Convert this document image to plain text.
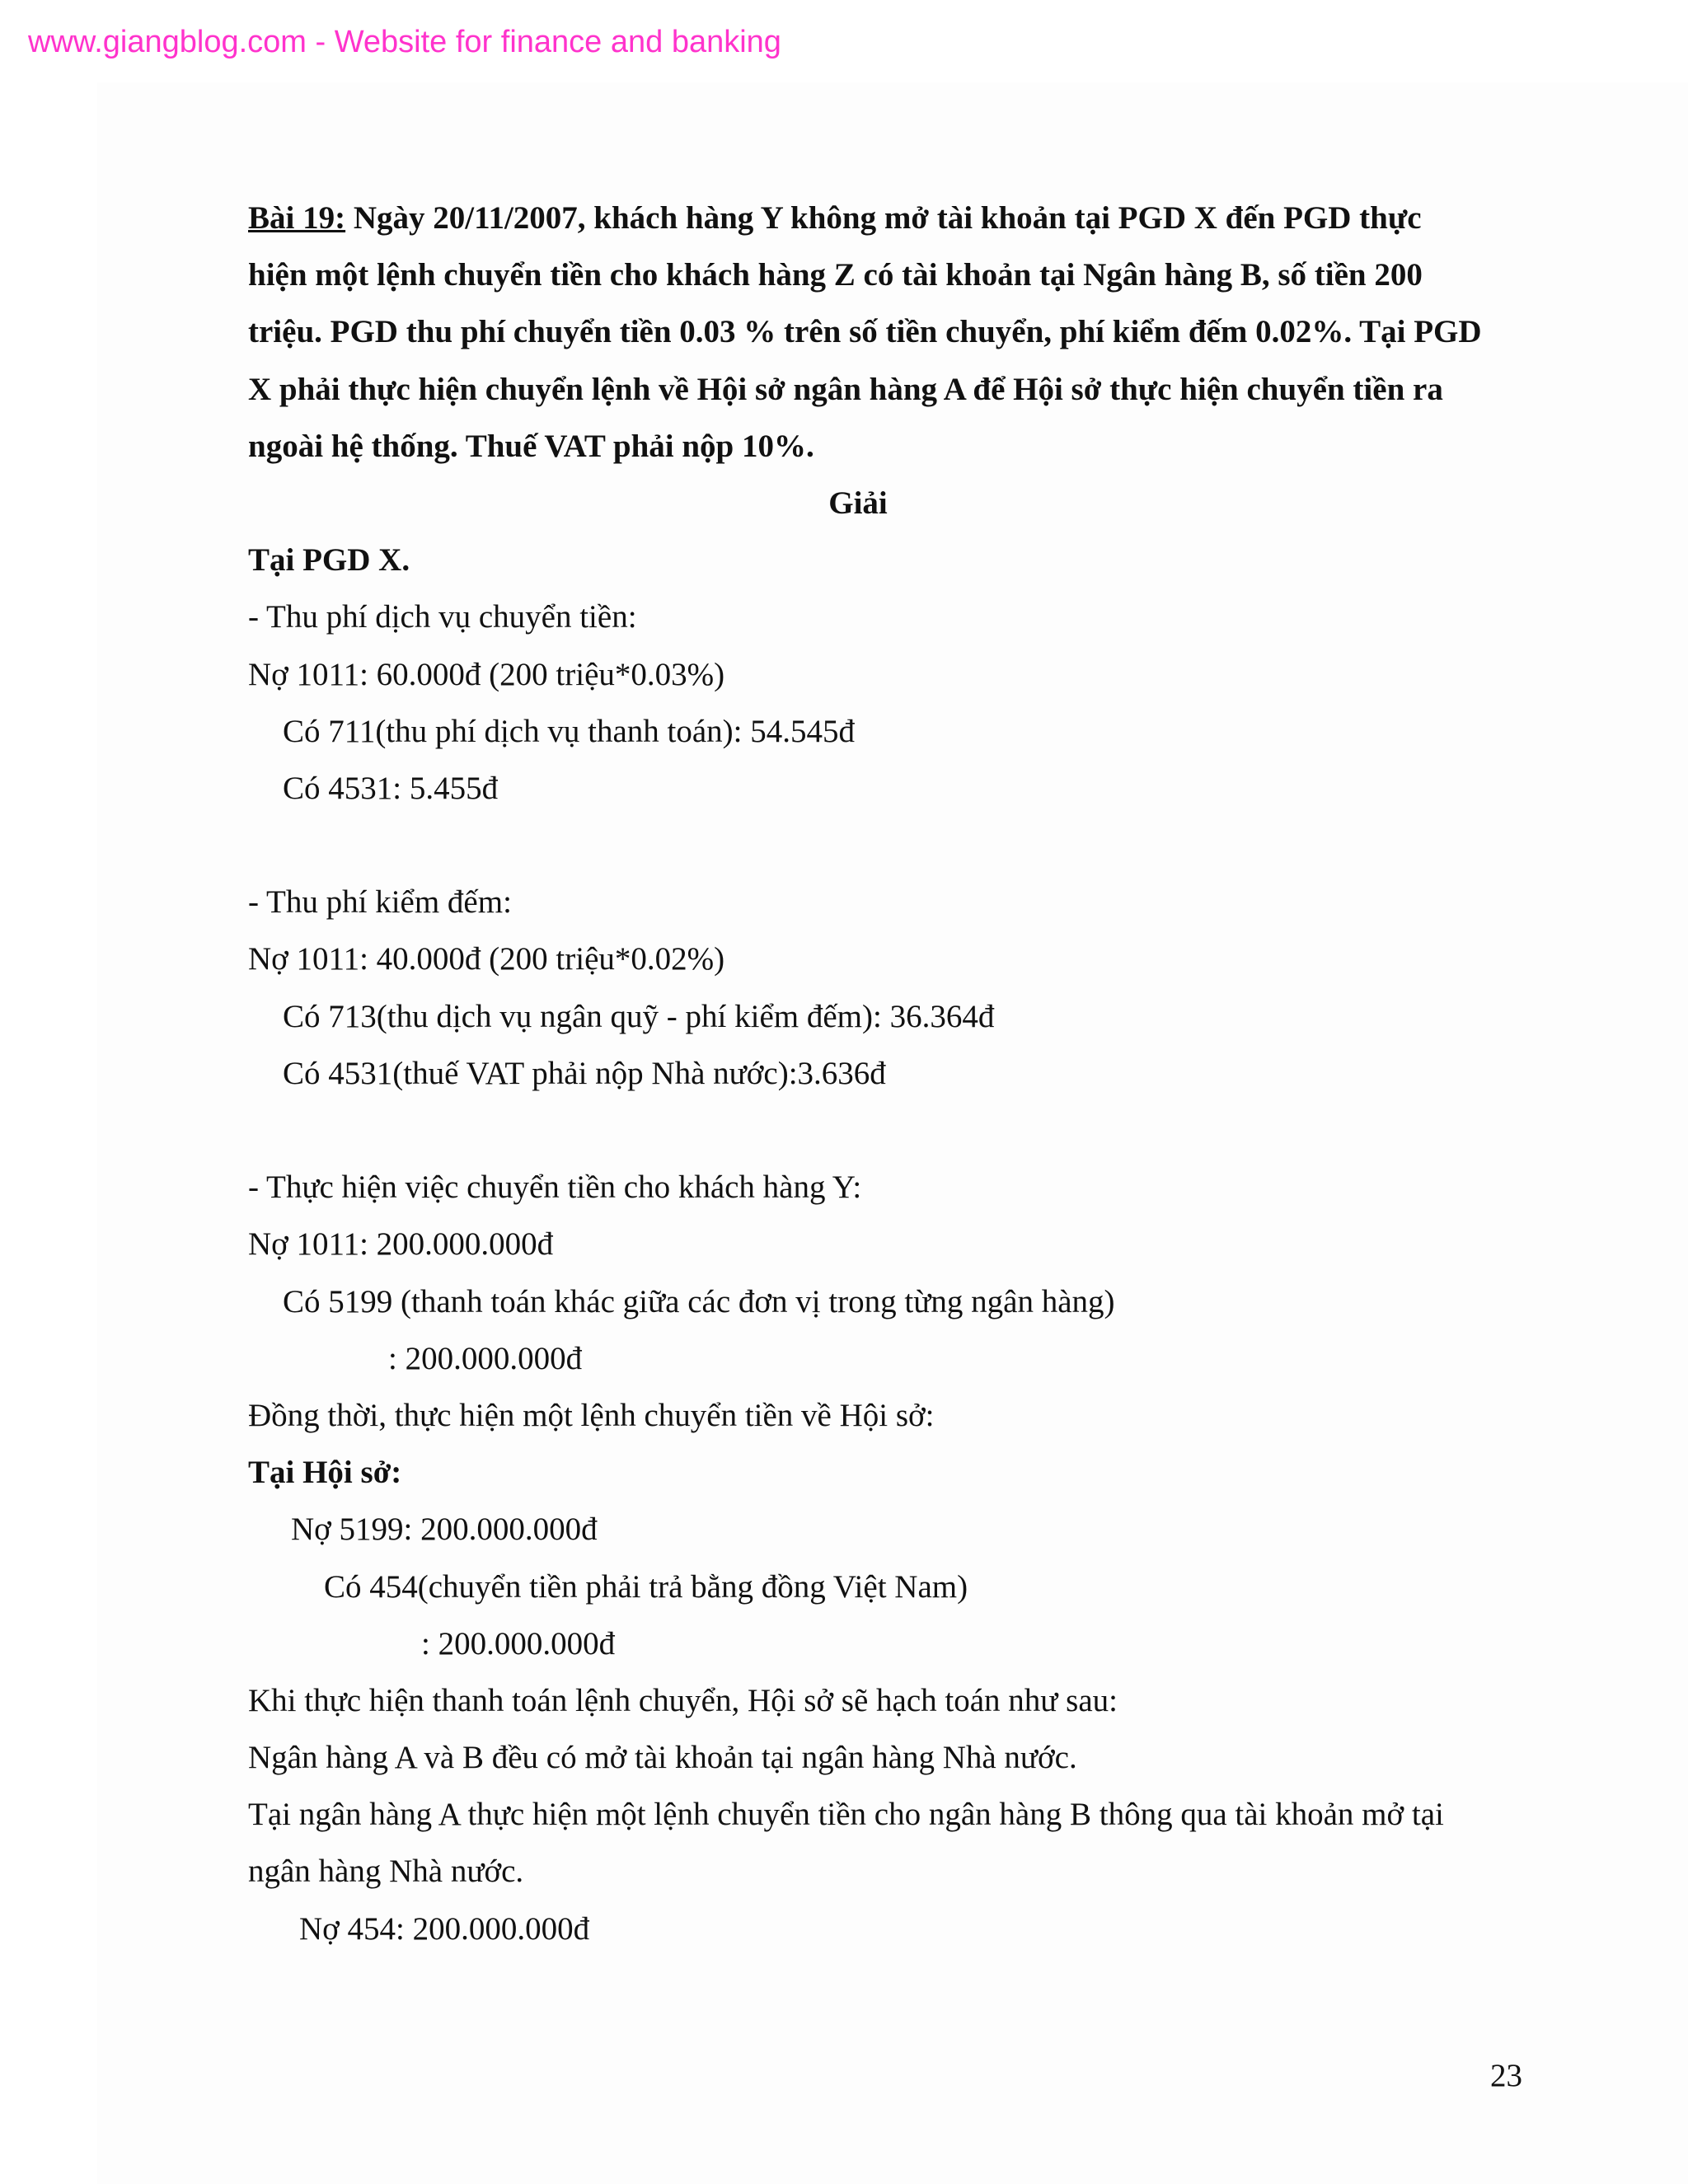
www.giangblog.com - Website for finance and banking
Bài 19: Ngày 20/11/2007, khách hàng Y không mở tài khoản tại PGD X đến PGD thực
hiện một lệnh chuyển tiền cho khách hàng Z có tài khoản tại Ngân hàng B, số tiền 200
triệu. PGD thu phí chuyển tiền 0.03 % trên số tiền chuyển, phí kiểm đếm 0.02%. Tại PGD
X phải thực hiện chuyển lệnh về Hội sở ngân hàng A để Hội sở thực hiện chuyển tiền ra
ngoài hệ thống. Thuế VAT phải nộp 10%.
Giải
Tại PGD X.
- Thu phí dịch vụ chuyển tiền:
Nợ 1011: 60.000đ (200 triệu*0.03%)
Có 711(thu phí dịch vụ thanh toán): 54.545đ
Có 4531: 5.455đ
- Thu phí kiểm đếm:
Nợ 1011: 40.000đ (200 triệu*0.02%)
Có 713(thu dịch vụ ngân quỹ - phí kiểm đếm): 36.364đ
Có 4531(thuế VAT phải nộp Nhà nước):3.636đ
- Thực hiện việc chuyển tiền cho khách hàng Y:
Nợ 1011: 200.000.000đ
Có 5199 (thanh toán khác giữa các đơn vị trong từng ngân hàng)
: 200.000.000đ
Đồng thời, thực hiện một lệnh chuyển tiền về Hội sở:
Tại Hội sở:
Nợ 5199: 200.000.000đ
Có 454(chuyển tiền phải trả bằng đồng Việt Nam)
: 200.000.000đ
Khi thực hiện thanh toán lệnh chuyển, Hội sở sẽ hạch toán như sau:
Ngân hàng A và B đều có mở tài khoản tại ngân hàng Nhà nước.
Tại ngân hàng A thực hiện một lệnh chuyển tiền cho ngân hàng B thông qua tài khoản mở tại
ngân hàng Nhà nước.
Nợ 454: 200.000.000đ
23
